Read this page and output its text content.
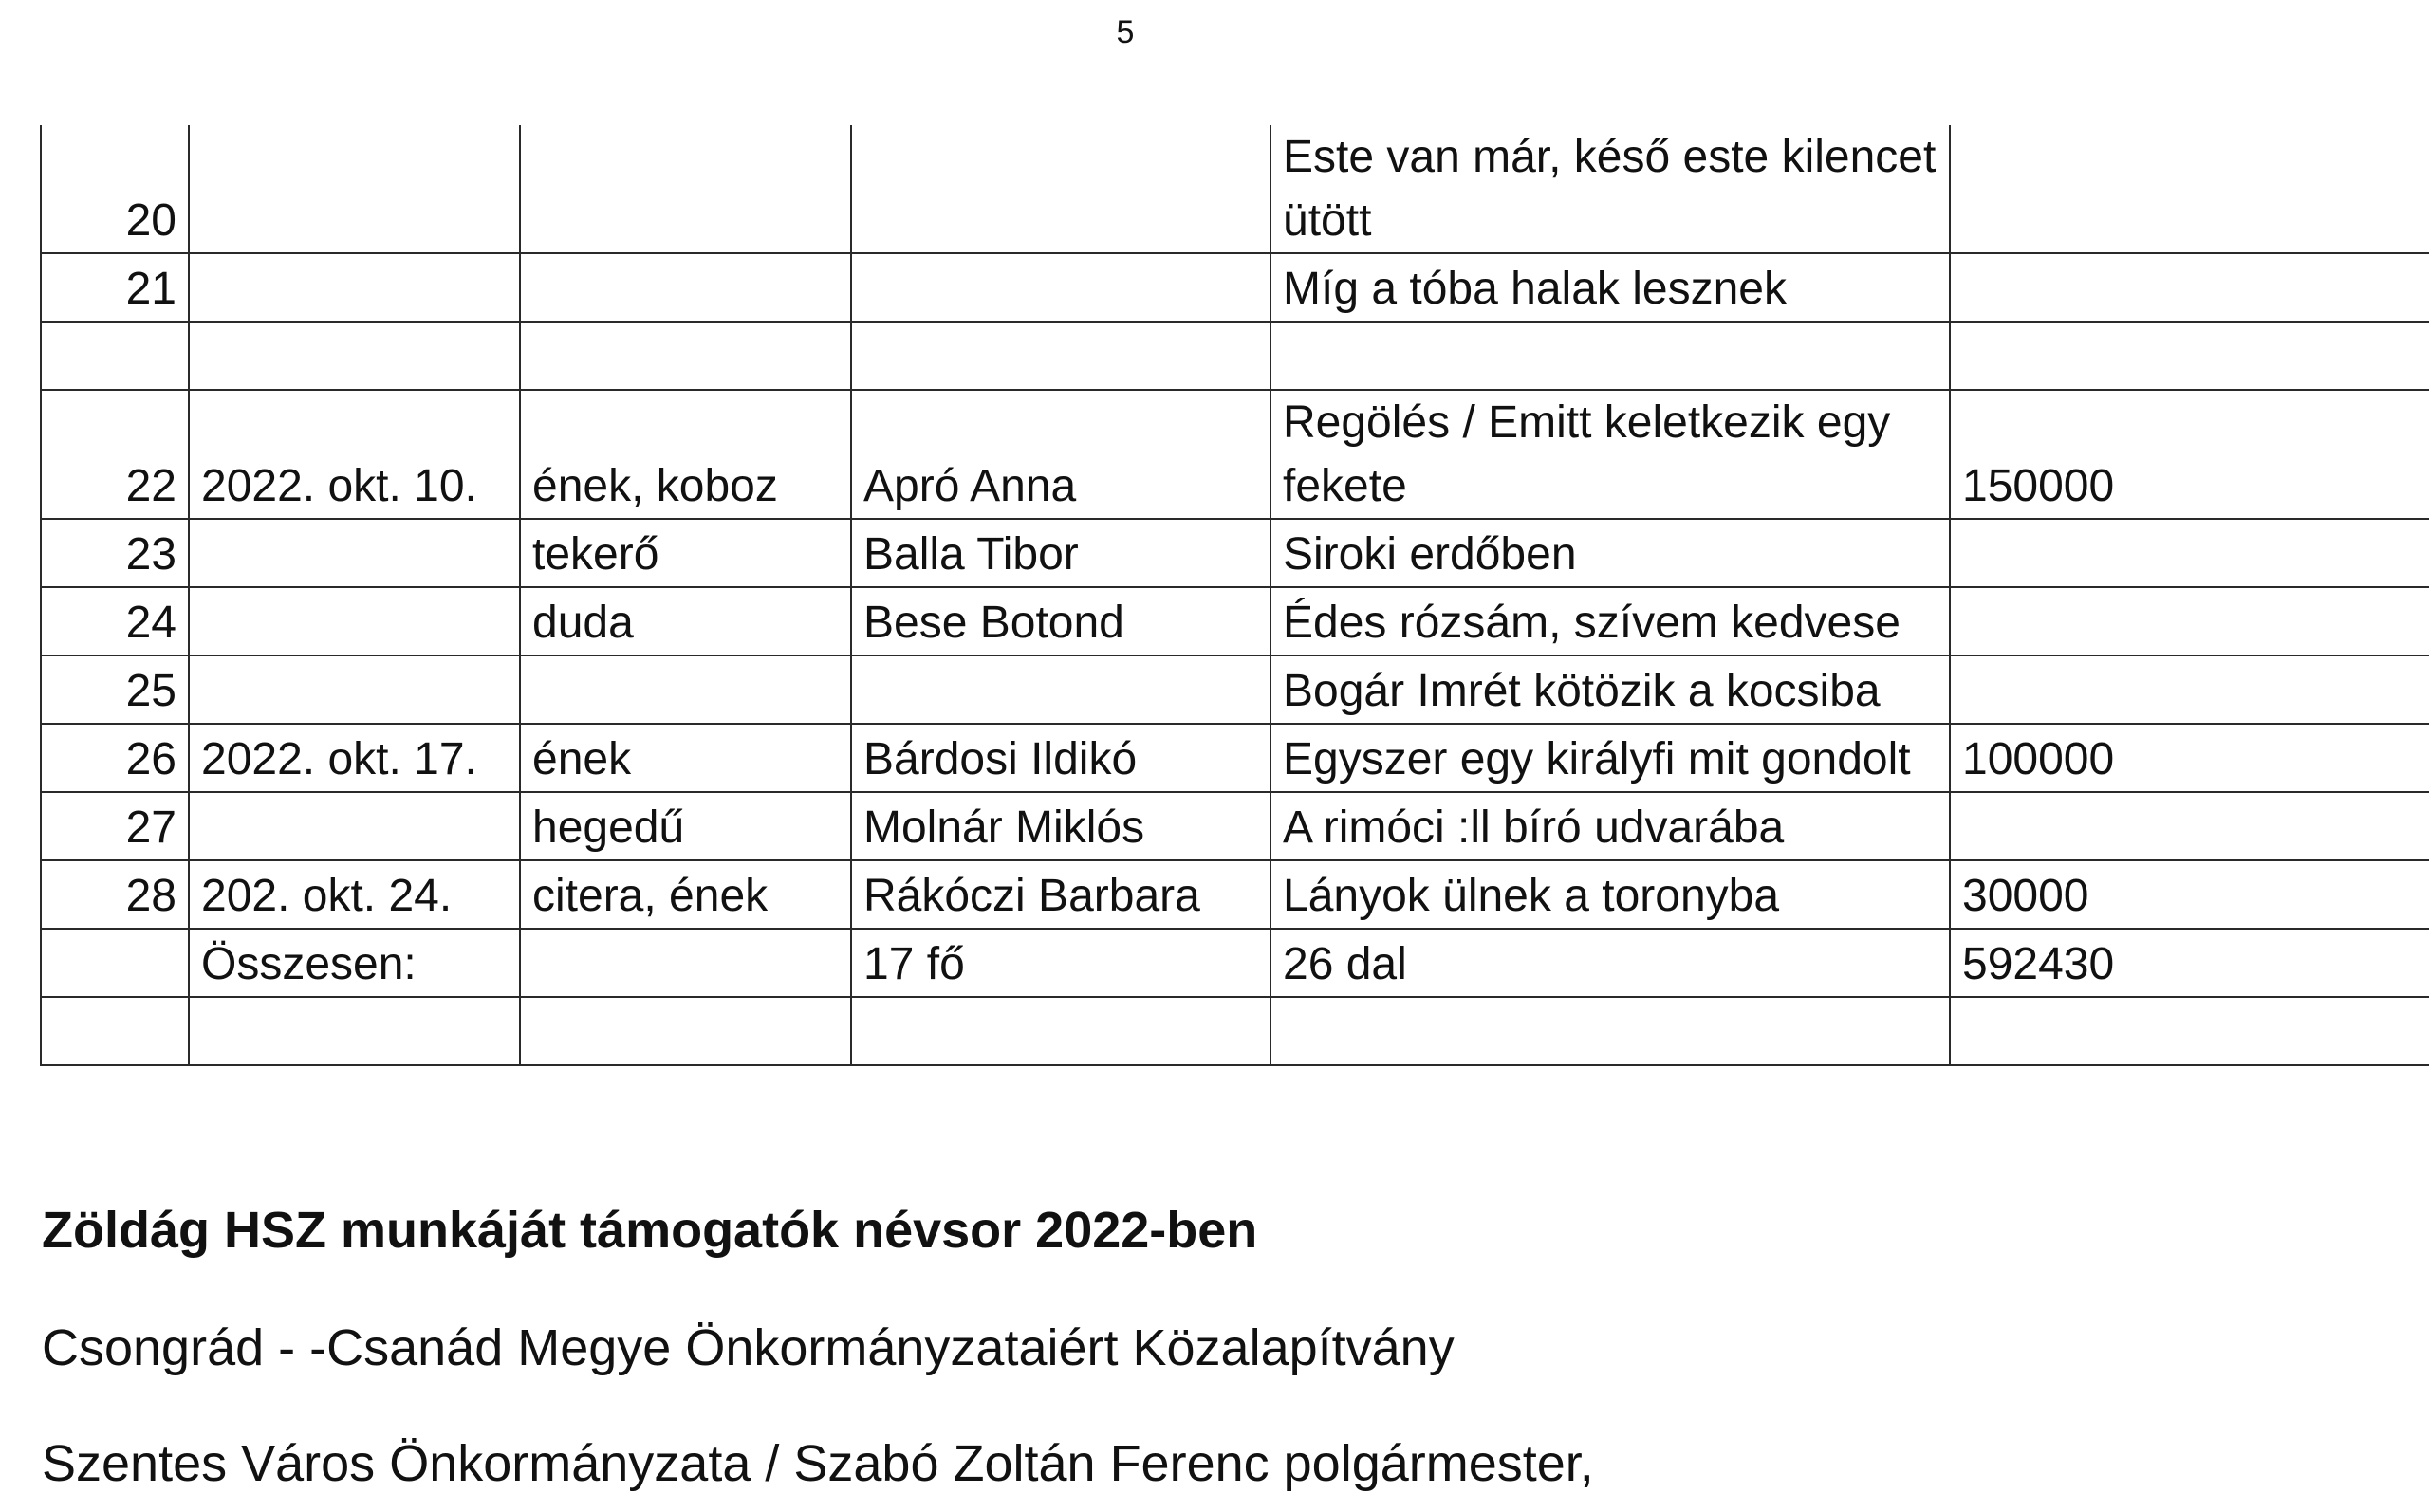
5
20				Este van már, késő este kilencet ütött	
21				Míg a tóba halak lesznek	

22	2022. okt. 10.	ének, koboz	Apró Anna	Regölés / Emitt keletkezik egy fekete	150000
23		tekerő	Balla Tibor	Siroki erdőben	
24		duda	Bese Botond	Édes rózsám, szívem kedvese	
25				Bogár Imrét kötözik a kocsiba	
26	2022. okt. 17.	ének	Bárdosi Ildikó	Egyszer egy királyfi mit gondolt	100000
27		hegedű	Molnár Miklós	A rimóci :ll bíró udvarába	
28	202. okt. 24.	citera, ének	Rákóczi Barbara	Lányok ülnek a toronyba	30000
	Összesen:		17 fő	26 dal	592430

Zöldág HSZ munkáját támogatók névsor 2022-ben

Csongrád - -Csanád Megye Önkormányzataiért Közalapítvány

Szentes Város Önkormányzata / Szabó Zoltán Ferenc polgármester,
